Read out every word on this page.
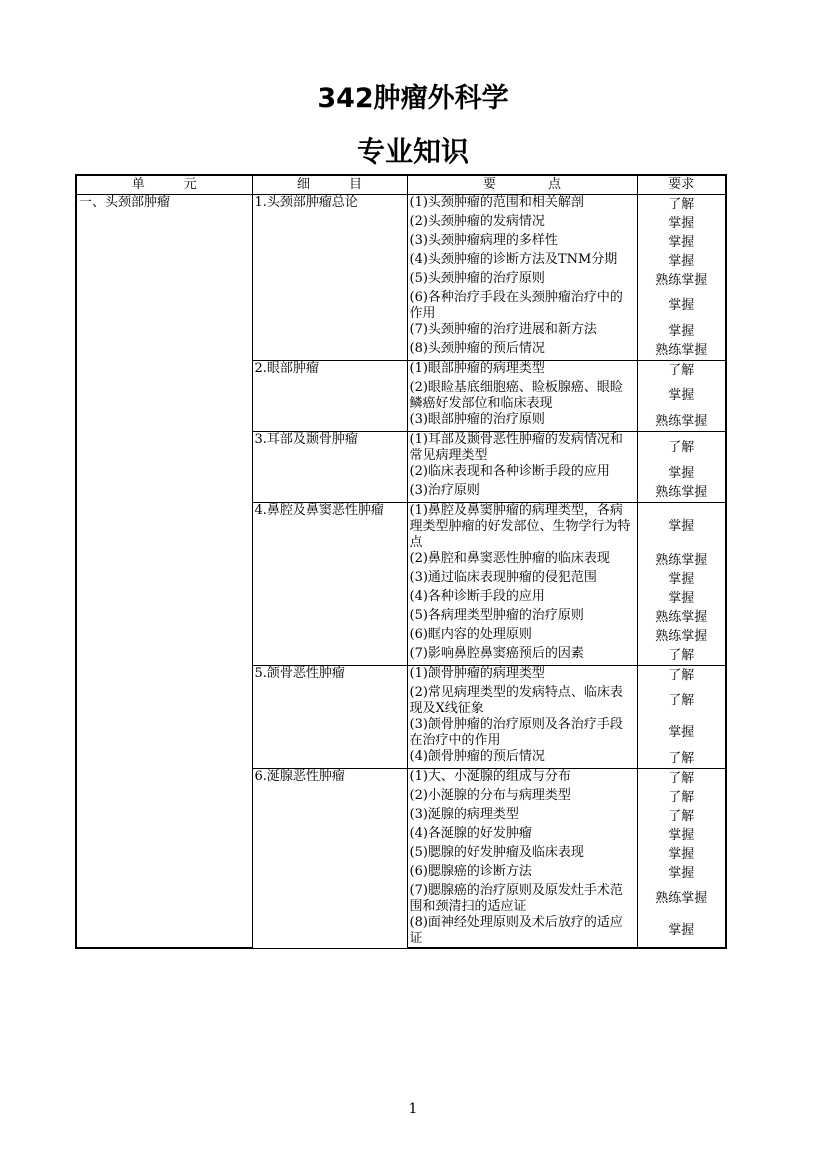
342肿瘤外科学
专业知识
单　　　元	细　　　目	要　　　　点	要求
一、头颈部肿瘤	1.头颈部肿瘤总论	(1)头颈肿瘤的范围和相关解剖	了解
		(2)头颈肿瘤的发病情况	掌握
		(3)头颈肿瘤病理的多样性	掌握
		(4)头颈肿瘤的诊断方法及TNM分期	掌握
		(5)头颈肿瘤的治疗原则	熟练掌握
		(6)各种治疗手段在头颈肿瘤治疗中的作用	掌握
		(7)头颈肿瘤的治疗进展和新方法	掌握
		(8)头颈肿瘤的预后情况	熟练掌握
	2.眼部肿瘤	(1)眼部肿瘤的病理类型	了解
		(2)眼睑基底细胞癌、睑板腺癌、眼睑鳞癌好发部位和临床表现	掌握
		(3)眼部肿瘤的治疗原则	熟练掌握
	3.耳部及颞骨肿瘤	(1)耳部及颞骨恶性肿瘤的发病情况和常见病理类型	了解
		(2)临床表现和各种诊断手段的应用	掌握
		(3)治疗原则	熟练掌握
	4.鼻腔及鼻窦恶性肿瘤	(1)鼻腔及鼻窦肿瘤的病理类型，各病理类型肿瘤的好发部位、生物学行为特点	掌握
		(2)鼻腔和鼻窦恶性肿瘤的临床表现	熟练掌握
		(3)通过临床表现肿瘤的侵犯范围	掌握
		(4)各种诊断手段的应用	掌握
		(5)各病理类型肿瘤的治疗原则	熟练掌握
		(6)眶内容的处理原则	熟练掌握
		(7)影响鼻腔鼻窦癌预后的因素	了解
	5.颌骨恶性肿瘤	(1)颌骨肿瘤的病理类型	了解
		(2)常见病理类型的发病特点、临床表现及X线征象	了解
		(3)颌骨肿瘤的治疗原则及各治疗手段在治疗中的作用	掌握
		(4)颌骨肿瘤的预后情况	了解
	6.涎腺恶性肿瘤	(1)大、小涎腺的组成与分布	了解
		(2)小涎腺的分布与病理类型	了解
		(3)涎腺的病理类型	了解
		(4)各涎腺的好发肿瘤	掌握
		(5)腮腺的好发肿瘤及临床表现	掌握
		(6)腮腺癌的诊断方法	掌握
		(7)腮腺癌的治疗原则及原发灶手术范围和颈清扫的适应证	熟练掌握
		(8)面神经处理原则及术后放疗的适应证	掌握
1
